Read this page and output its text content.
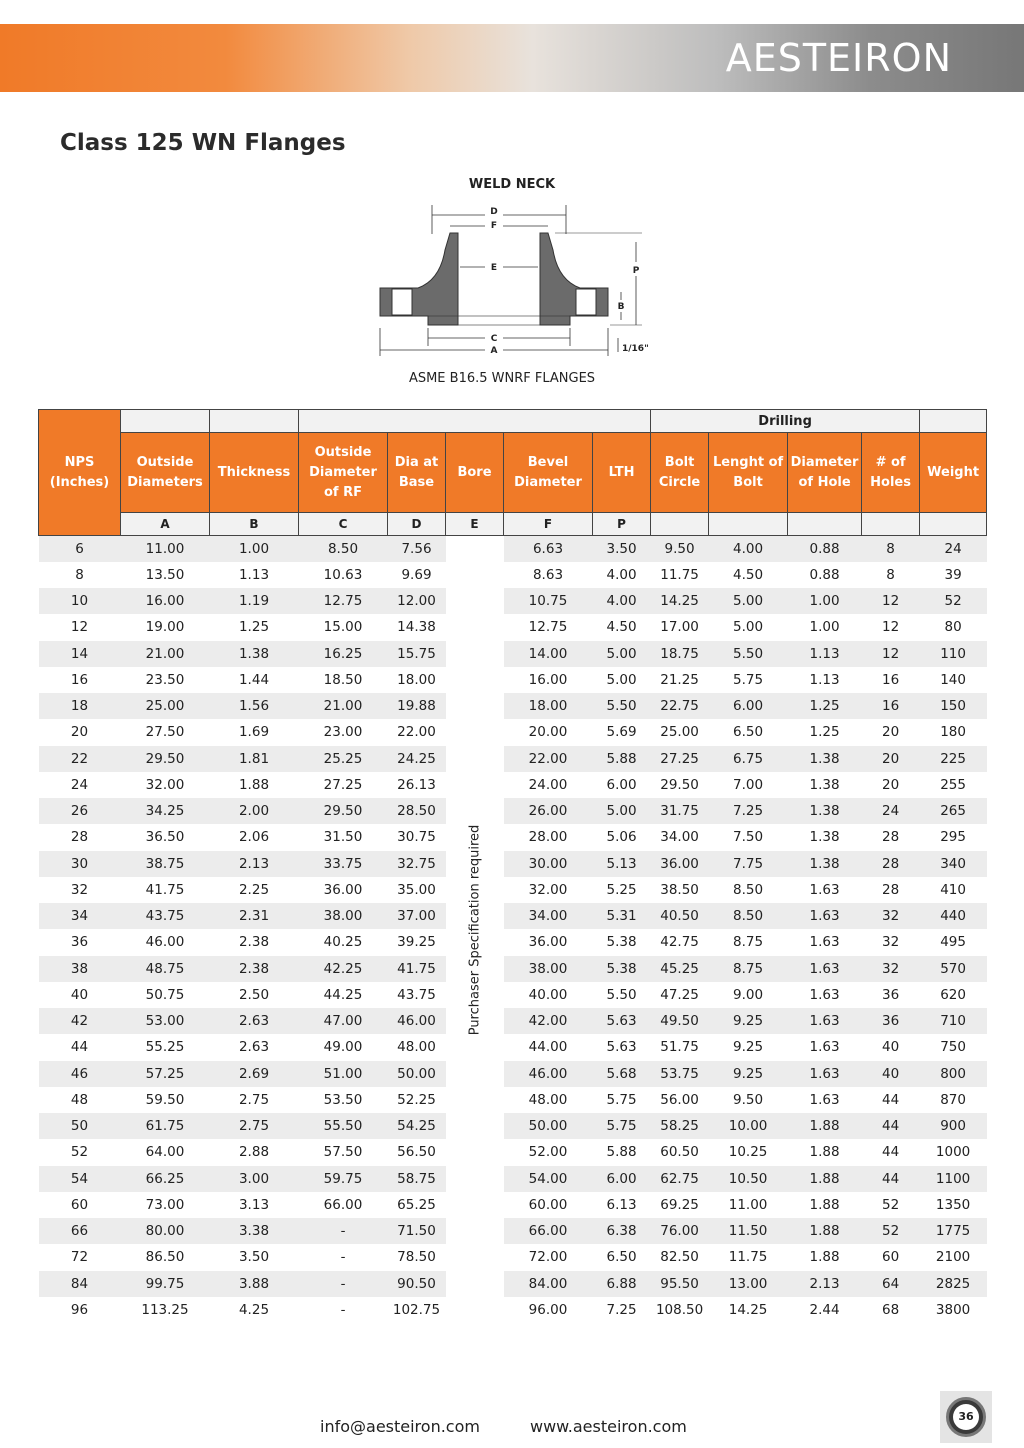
AESTEIRON
Class 125 WN Flanges
WELD NECK
D
F
E	P
B
C
A	1/16"
ASME B16.5 WNRF FLANGES
NPS (Inches)								Drilling				
	Outside Diameters	Thickness	Outside Diameter of RF	Dia at Base	Bore	Bevel Diameter	LTH	Bolt Circle	Lenght of Bolt	Diameter of Hole	# of Holes	Weight
	A	B	C	D	E	F	P					
6	11.00	1.00	8.50	7.56	Purchaser Specification required	6.63	3.50	9.50	4.00	0.88	8	24
8	13.50	1.13	10.63	9.69		8.63	4.00	11.75	4.50	0.88	8	39
10	16.00	1.19	12.75	12.00		10.75	4.00	14.25	5.00	1.00	12	52
12	19.00	1.25	15.00	14.38		12.75	4.50	17.00	5.00	1.00	12	80
14	21.00	1.38	16.25	15.75		14.00	5.00	18.75	5.50	1.13	12	110
16	23.50	1.44	18.50	18.00		16.00	5.00	21.25	5.75	1.13	16	140
18	25.00	1.56	21.00	19.88		18.00	5.50	22.75	6.00	1.25	16	150
20	27.50	1.69	23.00	22.00		20.00	5.69	25.00	6.50	1.25	20	180
22	29.50	1.81	25.25	24.25		22.00	5.88	27.25	6.75	1.38	20	225
24	32.00	1.88	27.25	26.13		24.00	6.00	29.50	7.00	1.38	20	255
26	34.25	2.00	29.50	28.50		26.00	5.00	31.75	7.25	1.38	24	265
28	36.50	2.06	31.50	30.75		28.00	5.06	34.00	7.50	1.38	28	295
30	38.75	2.13	33.75	32.75		30.00	5.13	36.00	7.75	1.38	28	340
32	41.75	2.25	36.00	35.00		32.00	5.25	38.50	8.50	1.63	28	410
34	43.75	2.31	38.00	37.00		34.00	5.31	40.50	8.50	1.63	32	440
36	46.00	2.38	40.25	39.25		36.00	5.38	42.75	8.75	1.63	32	495
38	48.75	2.38	42.25	41.75		38.00	5.38	45.25	8.75	1.63	32	570
40	50.75	2.50	44.25	43.75		40.00	5.50	47.25	9.00	1.63	36	620
42	53.00	2.63	47.00	46.00		42.00	5.63	49.50	9.25	1.63	36	710
44	55.25	2.63	49.00	48.00		44.00	5.63	51.75	9.25	1.63	40	750
46	57.25	2.69	51.00	50.00		46.00	5.68	53.75	9.25	1.63	40	800
48	59.50	2.75	53.50	52.25		48.00	5.75	56.00	9.50	1.63	44	870
50	61.75	2.75	55.50	54.25		50.00	5.75	58.25	10.00	1.88	44	900
52	64.00	2.88	57.50	56.50		52.00	5.88	60.50	10.25	1.88	44	1000
54	66.25	3.00	59.75	58.75		54.00	6.00	62.75	10.50	1.88	44	1100
60	73.00	3.13	66.00	65.25		60.00	6.13	69.25	11.00	1.88	52	1350
66	80.00	3.38	-	71.50		66.00	6.38	76.00	11.50	1.88	52	1775
72	86.50	3.50	-	78.50		72.00	6.50	82.50	11.75	1.88	60	2100
84	99.75	3.88	-	90.50		84.00	6.88	95.50	13.00	2.13	64	2825
96	113.25	4.25	-	102.75		96.00	7.25	108.50	14.25	2.44	68	3800
info@aesteiron.com	www.aesteiron.com
36
